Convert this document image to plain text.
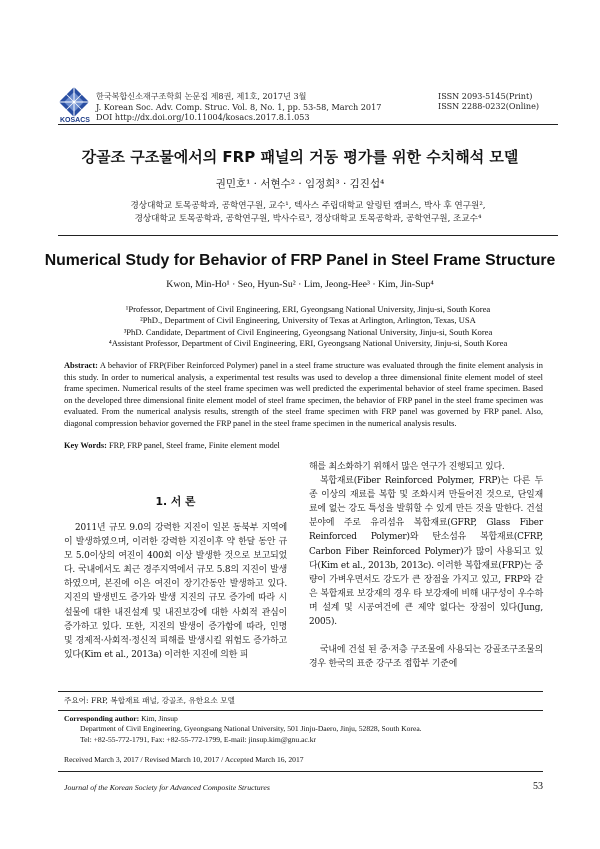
KOSACS
한국복합신소재구조학회 논문집 제8권, 제1호, 2017년 3월
J. Korean Soc. Adv. Comp. Struc. Vol. 8, No. 1, pp. 53-58, March 2017
DOI http://dx.doi.org/10.11004/kosacs.2017.8.1.053
ISSN 2093-5145(Print)
ISSN 2288-0232(Online)
강골조 구조물에서의 FRP 패널의 거동 평가를 위한 수치해석 모델
권민호¹ · 서현수² · 임정희³ · 김진섭⁴
경상대학교 토목공학과, 공학연구원, 교수¹, 텍사스 주립대학교 알링턴 캠퍼스, 박사 후 연구원²,
경상대학교 토목공학과, 공학연구원, 박사수료³, 경상대학교 토목공학과, 공학연구원, 조교수⁴
Numerical Study for Behavior of FRP Panel in Steel Frame Structure
Kwon, Min-Ho¹ · Seo, Hyun-Su² · Lim, Jeong-Hee³ · Kim, Jin-Sup⁴
¹Professor, Department of Civil Engineering, ERI, Gyeongsang National University, Jinju-si, South Korea
²PhD., Department of Civil Engineering, University of Texas at Arlington, Arlington, Texas, USA
³PhD. Candidate, Department of Civil Engineering, Gyeongsang National University, Jinju-si, South Korea
⁴Assistant Professor, Department of Civil Engineering, ERI, Gyeongsang National University, Jinju-si, South Korea
Abstract: A behavior of FRP(Fiber Reinforced Polymer) panel in a steel frame structure was evaluated through the finite element analysis in this study. In order to numerical analysis, a experimental test results was used to develop a three dimensional finite element model of steel frame specimen. Numerical results of the steel frame specimen was well predicted the experimental behavior of steel frame specimen. Based on the developed three dimensional finite element model of steel frame specimen, the behavior of FRP panel in the steel frame specimen was evaluated. From the numerical analysis results, strength of the steel frame specimen with FRP panel was governed by FRP panel. Also, diagonal compression behavior governed the FRP panel in the steel frame specimen in the numerical analysis results.
Key Words: FRP, FRP panel, Steel frame, Finite element model
1. 서 론

2011년 규모 9.0의 강력한 지진이 일본 동북부 지역에 이 발생하였으며, 이러한 강력한 지진이후 약 한달 동안 규모 5.0이상의 여진이 400회 이상 발생한 것으로 보고되었다. 국내에서도 최근 경주지역에서 규모 5.8의 지진이 발생하였으며, 본진에 이은 여진이 장기간동안 발생하고 있다. 지진의 발생빈도 증가와 발생 지진의 규모 증가에 따라 시설물에 대한 내진설계 및 내진보강에 대한 사회적 관심이 증가하고 있다. 또한, 지진의 발생이 증가함에 따라, 인명 및 경제적·사회적·정신적 피해를 발생시킬 위험도 증가하고 있다(Kim et al., 2013a) 이러한 지진에 의한 피

해를 최소화하기 위해서 많은 연구가 진행되고 있다.

복합재료(Fiber Reinforced Polymer, FRP)는 다른 두 종 이상의 재료를 복합 및 조화시켜 만들어진 것으로, 단일재료에 없는 강도 특성을 발휘할 수 있게 만든 것을 말한다. 건설 분야에 주로 유리섬유 복합재료(GFRP, Glass Fiber Reinforced Polymer)와 탄소섬유 복합재료(CFRP, Carbon Fiber Reinforced Polymer)가 많이 사용되고 있다(Kim et al., 2013b, 2013c). 이러한 복합재료(FRP)는 중량이 가벼우면서도 강도가 큰 장점을 가지고 있고, FRP와 같은 복합재료 보강재의 경우 타 보강재에 비해 내구성이 우수하며 설계 및 시공여건에 큰 제약 없다는 장점이 있다(Jung, 2005).

국내에 건설 된 중·저층 구조물에 사용되는 강골조구조물의 경우 한국의 표준 강구조 접합부 기준에

주요어: FRP, 복합재료 패널, 강골조, 유한요소 모델
Corresponding author: Kim, Jinsup
Department of Civil Engineering, Gyeongsang National University, 501 Jinju-Daero, Jinju, 52828, South Korea.
Tel: +82-55-772-1791, Fax: +82-55-772-1799, E-mail: jinsup.kim@gnu.ac.kr
Received March 3, 2017 / Revised March 10, 2017 / Accepted March 16, 2017
Journal of the Korean Society for Advanced Composite Structures	53
